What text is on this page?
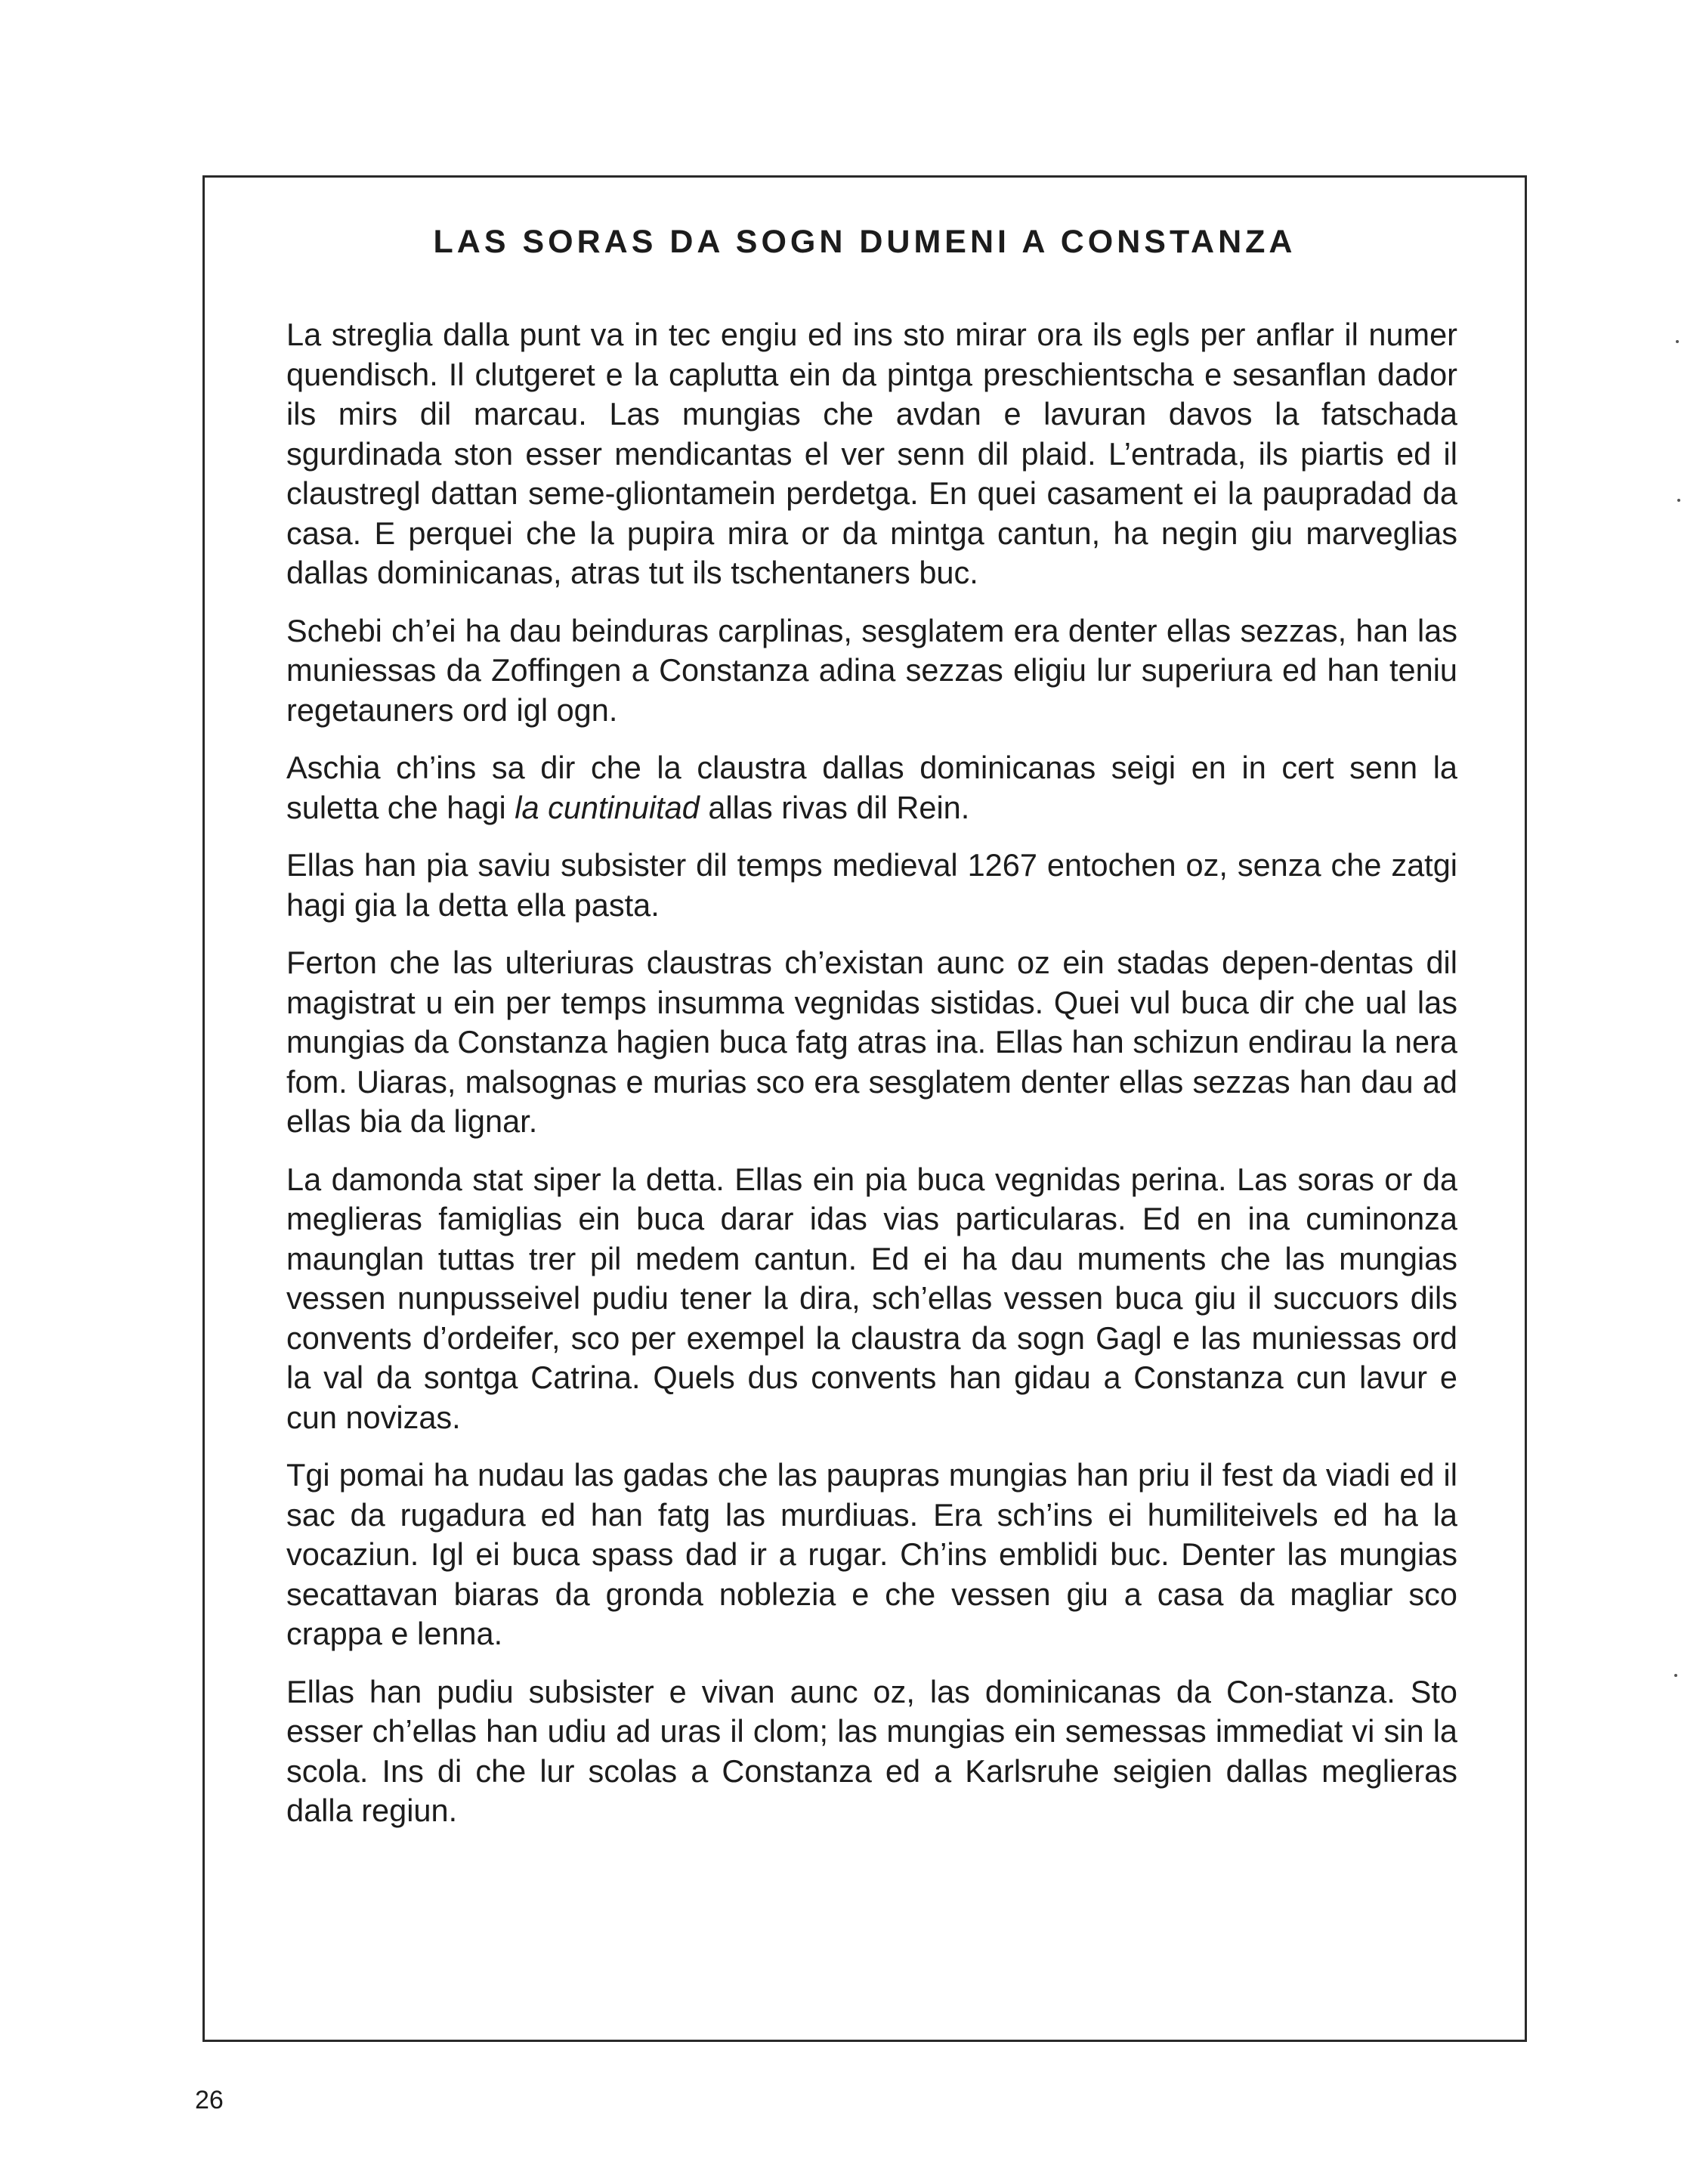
LAS SORAS DA SOGN DUMENI A CONSTANZA

La streglia dalla punt va in tec engiu ed ins sto mirar ora ils egls per anflar il numer quendisch. Il clutgeret e la caplutta ein da pintga preschientscha e sesanflan dador ils mirs dil marcau. Las mungias che avdan e lavuran davos la fatschada sgurdinada ston esser mendicantas el ver senn dil plaid. L’entrada, ils piartis ed il claustregl dattan seme-gliontamein perdetga. En quei casament ei la paupradad da casa. E perquei che la pupira mira or da mintga cantun, ha negin giu marveglias dallas dominicanas, atras tut ils tschentaners buc.

Schebi ch’ei ha dau beinduras carplinas, sesglatem era denter ellas sezzas, han las muniessas da Zoffingen a Constanza adina sezzas eligiu lur superiura ed han teniu regetauners ord igl ogn.

Aschia ch’ins sa dir che la claustra dallas dominicanas seigi en in cert senn la suletta che hagi la cuntinuitad allas rivas dil Rein.

Ellas han pia saviu subsister dil temps medieval 1267 entochen oz, senza che zatgi hagi gia la detta ella pasta.

Ferton che las ulteriuras claustras ch’existan aunc oz ein stadas depen-dentas dil magistrat u ein per temps insumma vegnidas sistidas. Quei vul buca dir che ual las mungias da Constanza hagien buca fatg atras ina. Ellas han schizun endirau la nera fom. Uiaras, malsognas e murias sco era sesglatem denter ellas sezzas han dau ad ellas bia da lignar.

La damonda stat siper la detta. Ellas ein pia buca vegnidas perina. Las soras or da meglieras famiglias ein buca darar idas vias particularas. Ed en ina cuminonza maunglan tuttas trer pil medem cantun. Ed ei ha dau muments che las mungias vessen nunpusseivel pudiu tener la dira, sch’ellas vessen buca giu il succuors dils convents d’ordeifer, sco per exempel la claustra da sogn Gagl e las muniessas ord la val da sontga Catrina. Quels dus convents han gidau a Constanza cun lavur e cun novizas.

Tgi pomai ha nudau las gadas che las paupras mungias han priu il fest da viadi ed il sac da rugadura ed han fatg las murdiuas. Era sch’ins ei humiliteivels ed ha la vocaziun. Igl ei buca spass dad ir a rugar. Ch’ins emblidi buc. Denter las mungias secattavan biaras da gronda noblezia e che vessen giu a casa da magliar sco crappa e lenna.

Ellas han pudiu subsister e vivan aunc oz, las dominicanas da Con-stanza. Sto esser ch’ellas han udiu ad uras il clom; las mungias ein semessas immediat vi sin la scola. Ins di che lur scolas a Constanza ed a Karlsruhe seigien dallas meglieras dalla regiun.

26
